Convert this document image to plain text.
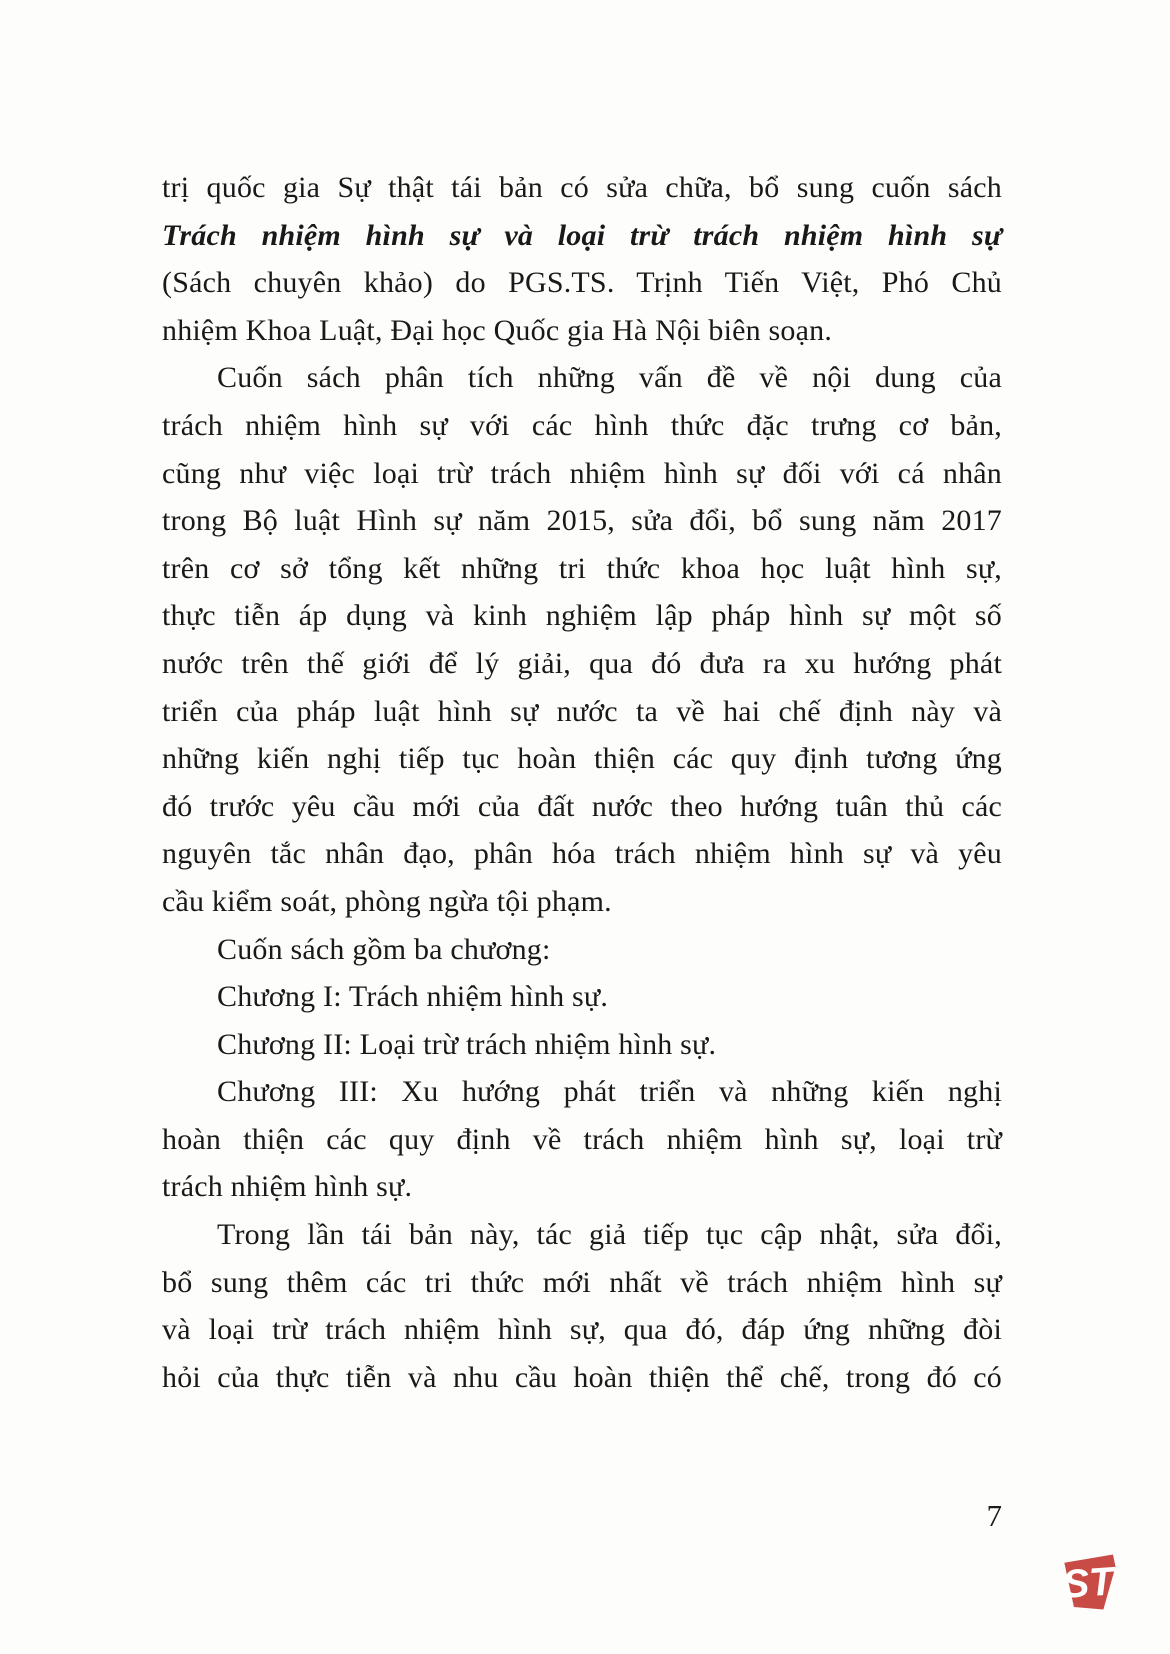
trị quốc gia Sự thật tái bản có sửa chữa, bổ sung cuốn sách
Trách nhiệm hình sự và loại trừ trách nhiệm hình sự
(Sách chuyên khảo) do PGS.TS. Trịnh Tiến Việt, Phó Chủ
nhiệm Khoa Luật, Đại học Quốc gia Hà Nội biên soạn.
Cuốn sách phân tích những vấn đề về nội dung của
trách nhiệm hình sự với các hình thức đặc trưng cơ bản,
cũng như việc loại trừ trách nhiệm hình sự đối với cá nhân
trong Bộ luật Hình sự năm 2015, sửa đổi, bổ sung năm 2017
trên cơ sở tổng kết những tri thức khoa học luật hình sự,
thực tiễn áp dụng và kinh nghiệm lập pháp hình sự một số
nước trên thế giới để lý giải, qua đó đưa ra xu hướng phát
triển của pháp luật hình sự nước ta về hai chế định này và
những kiến nghị tiếp tục hoàn thiện các quy định tương ứng
đó trước yêu cầu mới của đất nước theo hướng tuân thủ các
nguyên tắc nhân đạo, phân hóa trách nhiệm hình sự và yêu
cầu kiểm soát, phòng ngừa tội phạm.
Cuốn sách gồm ba chương:
Chương I: Trách nhiệm hình sự.
Chương II: Loại trừ trách nhiệm hình sự.
Chương III: Xu hướng phát triển và những kiến nghị
hoàn thiện các quy định về trách nhiệm hình sự, loại trừ
trách nhiệm hình sự.
Trong lần tái bản này, tác giả tiếp tục cập nhật, sửa đổi,
bổ sung thêm các tri thức mới nhất về trách nhiệm hình sự
và loại trừ trách nhiệm hình sự, qua đó, đáp ứng những đòi
hỏi của thực tiễn và nhu cầu hoàn thiện thể chế, trong đó có
7
ST
